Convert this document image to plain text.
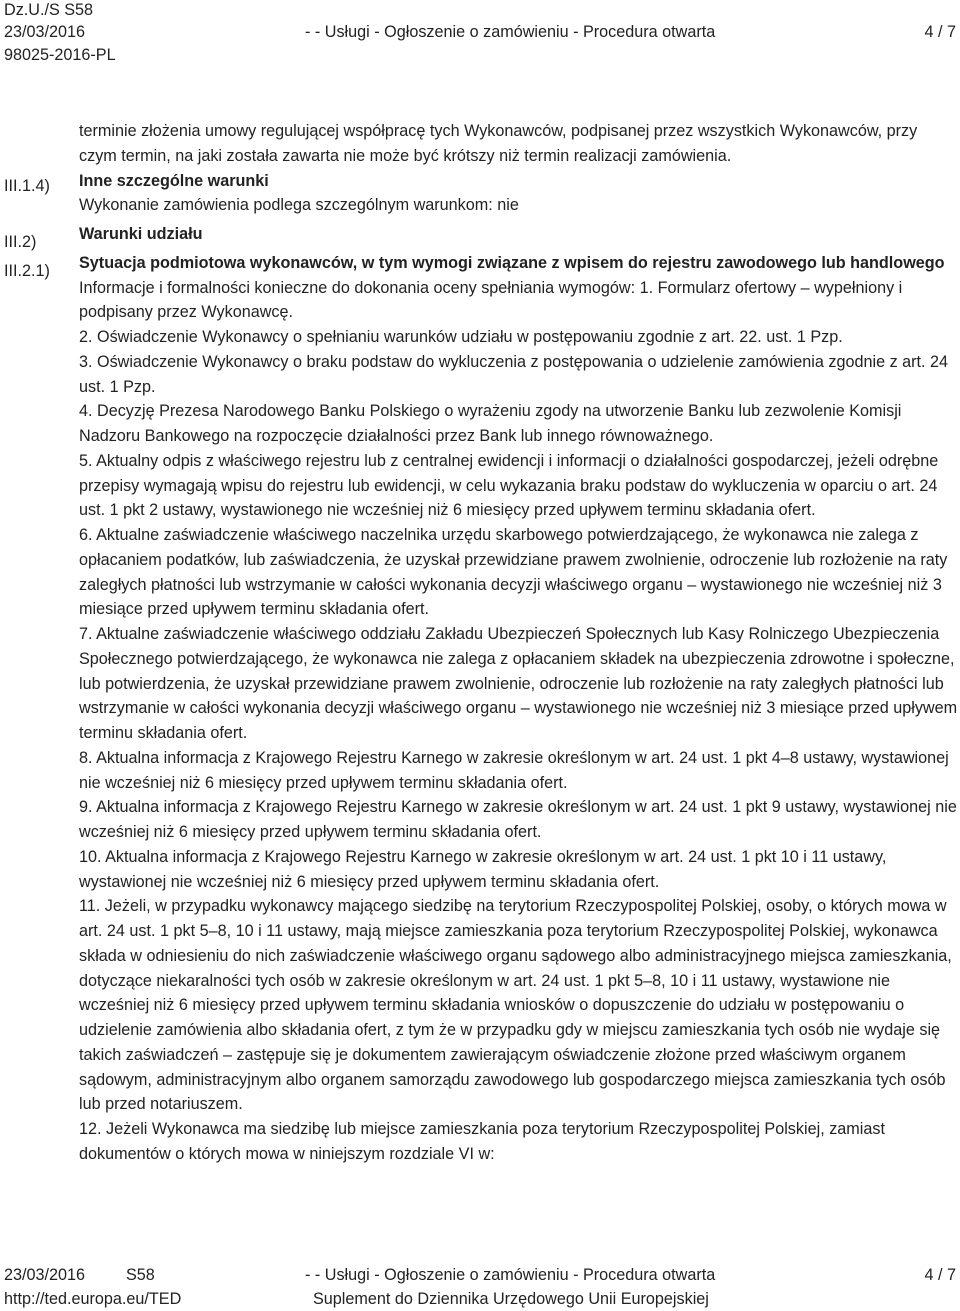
Dz.U./S S58
23/03/2016
98025-2016-PL
- - Usługi - Ogłoszenie o zamówieniu - Procedura otwarta	4 / 7
III.1.4)
III.2)
III.2.1)

terminie złożenia umowy regulującej współpracę tych Wykonawców, podpisanej przez wszystkich Wykonawców, przy czym termin, na jaki została zawarta nie może być krótszy niż termin realizacji zamówienia.

Inne szczególne warunki

Wykonanie zamówienia podlega szczególnym warunkom: nie

Warunki udziału

Sytuacja podmiotowa wykonawców, w tym wymogi związane z wpisem do rejestru zawodowego lub handlowego

Informacje i formalności konieczne do dokonania oceny spełniania wymogów: 1. Formularz ofertowy – wypełniony i podpisany przez Wykonawcę.

2. Oświadczenie Wykonawcy o spełnianiu warunków udziału w postępowaniu zgodnie z art. 22. ust. 1 Pzp.

3. Oświadczenie Wykonawcy o braku podstaw do wykluczenia z postępowania o udzielenie zamówienia zgodnie z art. 24 ust. 1 Pzp.

4. Decyzję Prezesa Narodowego Banku Polskiego o wyrażeniu zgody na utworzenie Banku lub zezwolenie Komisji Nadzoru Bankowego na rozpoczęcie działalności przez Bank lub innego równoważnego.

5. Aktualny odpis z właściwego rejestru lub z centralnej ewidencji i informacji o działalności gospodarczej, jeżeli odrębne przepisy wymagają wpisu do rejestru lub ewidencji, w celu wykazania braku podstaw do wykluczenia w oparciu o art. 24 ust. 1 pkt 2 ustawy, wystawionego nie wcześniej niż 6 miesięcy przed upływem terminu składania ofert.

6. Aktualne zaświadczenie właściwego naczelnika urzędu skarbowego potwierdzającego, że wykonawca nie zalega z opłacaniem podatków, lub zaświadczenia, że uzyskał przewidziane prawem zwolnienie, odroczenie lub rozłożenie na raty zaległych płatności lub wstrzymanie w całości wykonania decyzji właściwego organu – wystawionego nie wcześniej niż 3 miesiące przed upływem terminu składania ofert.

7. Aktualne zaświadczenie właściwego oddziału Zakładu Ubezpieczeń Społecznych lub Kasy Rolniczego Ubezpieczenia Społecznego potwierdzającego, że wykonawca nie zalega z opłacaniem składek na ubezpieczenia zdrowotne i społeczne, lub potwierdzenia, że uzyskał przewidziane prawem zwolnienie, odroczenie lub rozłożenie na raty zaległych płatności lub wstrzymanie w całości wykonania decyzji właściwego organu – wystawionego nie wcześniej niż 3 miesiące przed upływem terminu składania ofert.

8. Aktualna informacja z Krajowego Rejestru Karnego w zakresie określonym w art. 24 ust. 1 pkt 4–8 ustawy, wystawionej nie wcześniej niż 6 miesięcy przed upływem terminu składania ofert.

9. Aktualna informacja z Krajowego Rejestru Karnego w zakresie określonym w art. 24 ust. 1 pkt 9 ustawy, wystawionej nie wcześniej niż 6 miesięcy przed upływem terminu składania ofert.

10. Aktualna informacja z Krajowego Rejestru Karnego w zakresie określonym w art. 24 ust. 1 pkt 10 i 11 ustawy, wystawionej nie wcześniej niż 6 miesięcy przed upływem terminu składania ofert.

11. Jeżeli, w przypadku wykonawcy mającego siedzibę na terytorium Rzeczypospolitej Polskiej, osoby, o których mowa w art. 24 ust. 1 pkt 5–8, 10 i 11 ustawy, mają miejsce zamieszkania poza terytorium Rzeczypospolitej Polskiej, wykonawca składa w odniesieniu do nich zaświadczenie właściwego organu sądowego albo administracyjnego miejsca zamieszkania, dotyczące niekaralności tych osób w zakresie określonym w art. 24 ust. 1 pkt 5–8, 10 i 11 ustawy, wystawione nie wcześniej niż 6 miesięcy przed upływem terminu składania wniosków o dopuszczenie do udziału w postępowaniu o udzielenie zamówienia albo składania ofert, z tym że w przypadku gdy w miejscu zamieszkania tych osób nie wydaje się takich zaświadczeń – zastępuje się je dokumentem zawierającym oświadczenie złożone przed właściwym organem sądowym, administracyjnym albo organem samorządu zawodowego lub gospodarczego miejsca zamieszkania tych osób lub przed notariuszem.

12. Jeżeli Wykonawca ma siedzibę lub miejsce zamieszkania poza terytorium Rzeczypospolitej Polskiej, zamiast dokumentów o których mowa w niniejszym rozdziale VI w:

23/03/2016	S58
http://ted.europa.eu/TED
- - Usługi - Ogłoszenie o zamówieniu - Procedura otwarta
Suplement do Dziennika Urzędowego Unii Europejskiej
4 / 7
